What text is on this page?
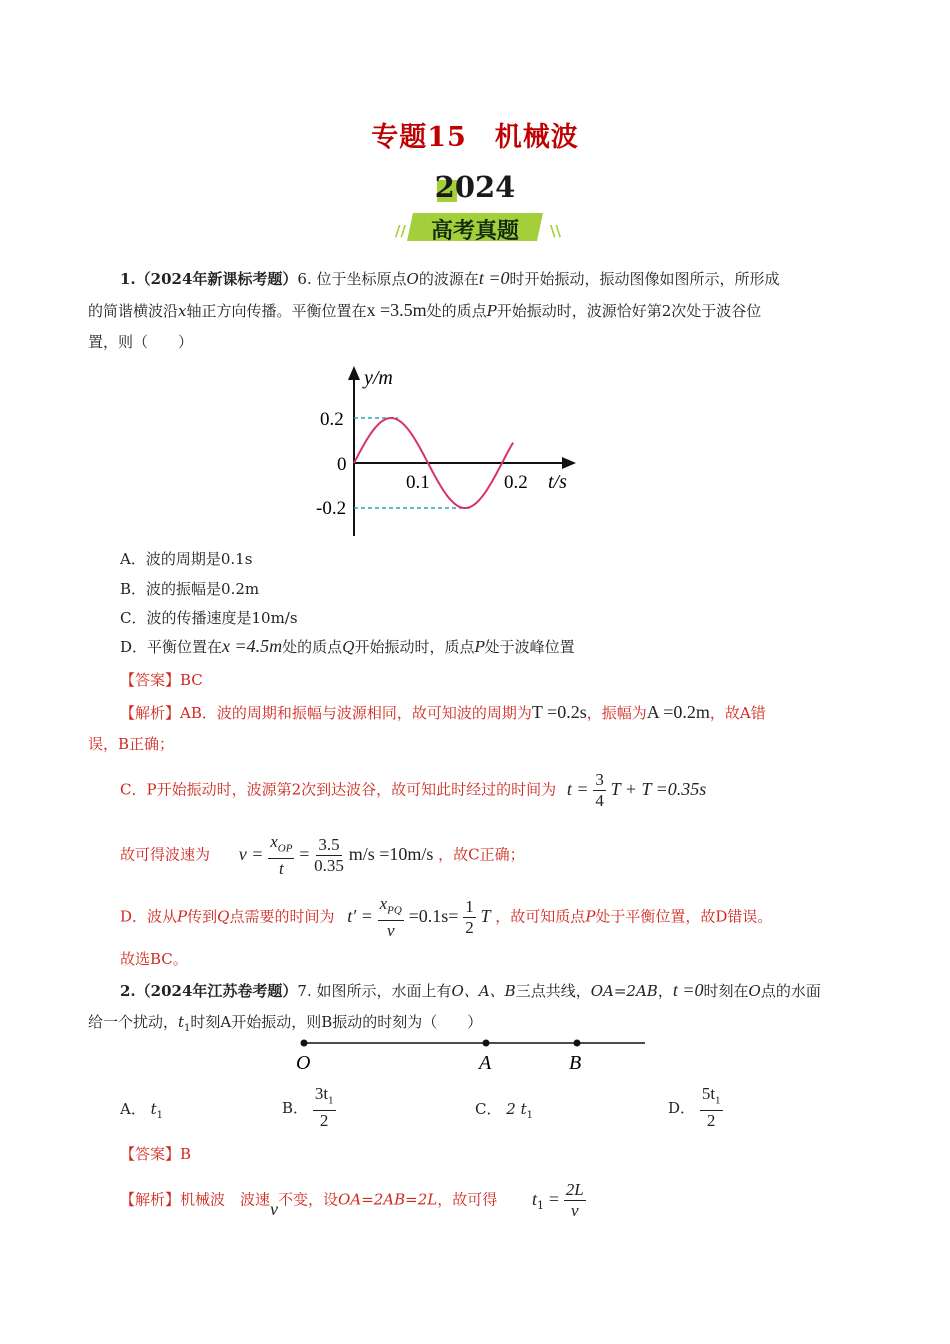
专题15　机械波
2024
高考真题
//	\\
1.（2024年新课标考题）6. 位于坐标原点O的波源在t =0时开始振动，振动图像如图所示，所形成
的简谐横波沿x轴正方向传播。平衡位置在x =3.5m处的质点P开始振动时，波源恰好第2次处于波谷位
置，则（　　）
y/m
t/s
0.2
0
-0.2
0.1	0.2
A．波的周期是0.1s
B．波的振幅是0.2m
C．波的传播速度是10m/s
D．平衡位置在x =4.5m处的质点Q开始振动时，质点P处于波峰位置
【答案】BC
【解析】AB．波的周期和振幅与波源相同，故可知波的周期为T =0.2s，振幅为A =0.2m，故A错
误，B正确；
C．P开始振动时，波源第2次到达波谷，故可知此时经过的时间为 $t = \frac{3}{4}$ T + T =0.35s
故可得波速为 $v = \frac{x_{OP}}{t} = \frac{3.5}{0.35} m/s =10m/s$ ，故C正确；
D．波从P传到Q点需要的时间为 $t' = \frac{x_{PQ}}{v} =0.1s= \frac{1}{2}$ T ，故可知质点P处于平衡位置，故D错误。
故选BC。
2.（2024年江苏卷考题）7. 如图所示，水面上有O、A、B三点共线，OA=2AB，t =0时刻在O点的水面
给一个扰动，$t_1$时刻A开始振动，则B振动的时刻为（　　）
O	A	B
A． $t_1$	B． $\frac{3t_1}{2}$	C． 2 $t_1$	D． $\frac{5t_1}{2}$
【答案】B
【解析】机械波　波速v不变，设OA=2AB=2L，故可得 $t_1 = \frac{2L}{v}$
